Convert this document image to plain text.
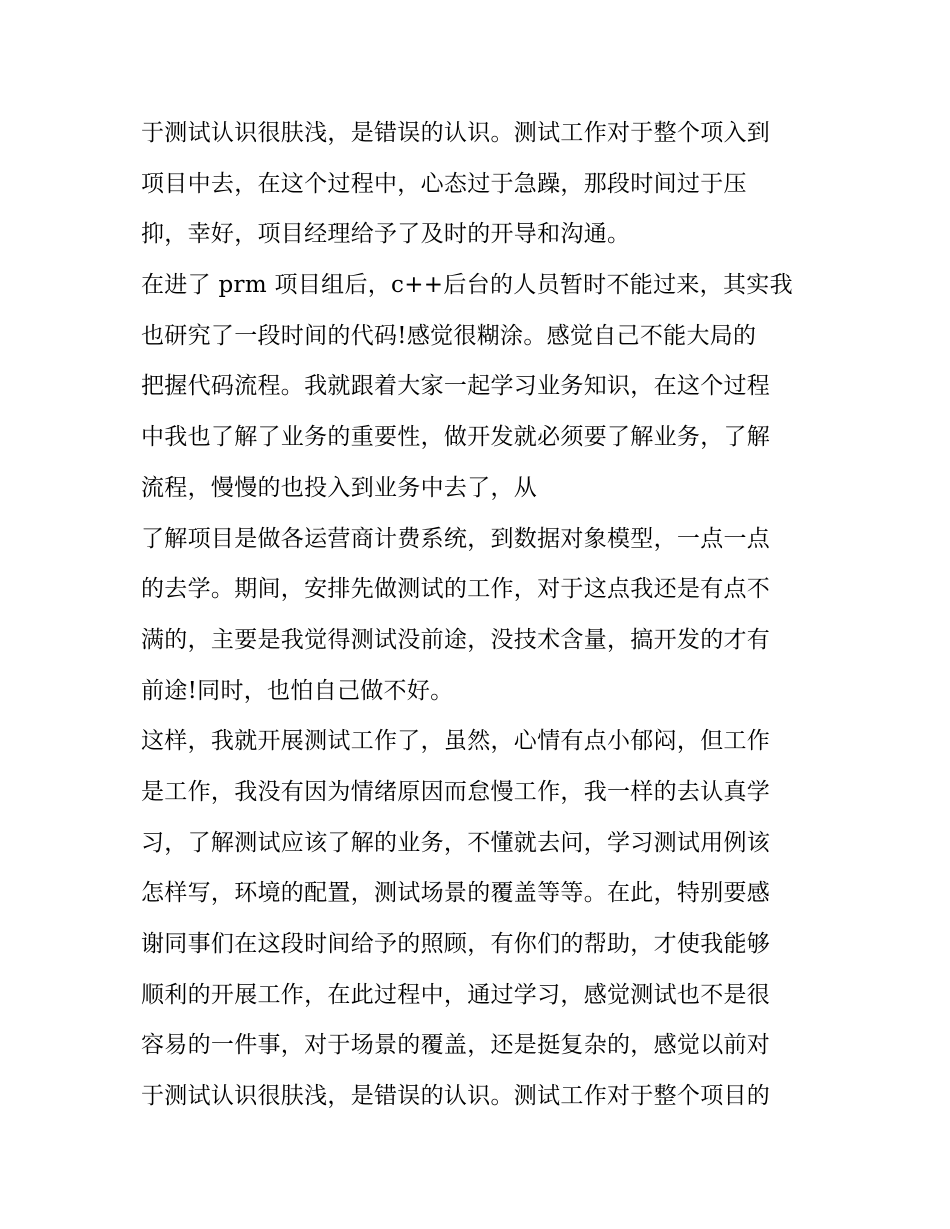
于测试认识很肤浅，是错误的认识。测试工作对于整个项入到
项目中去，在这个过程中，心态过于急躁，那段时间过于压
抑，幸好，项目经理给予了及时的开导和沟通。
在进了 prm 项目组后，c++后台的人员暂时不能过来，其实我
也研究了一段时间的代码!感觉很糊涂。感觉自己不能大局的
把握代码流程。我就跟着大家一起学习业务知识，在这个过程
中我也了解了业务的重要性，做开发就必须要了解业务，了解
流程，慢慢的也投入到业务中去了，从
了解项目是做各运营商计费系统，到数据对象模型，一点一点
的去学。期间，安排先做测试的工作，对于这点我还是有点不
满的，主要是我觉得测试没前途，没技术含量，搞开发的才有
前途!同时，也怕自己做不好。
这样，我就开展测试工作了，虽然，心情有点小郁闷，但工作
是工作，我没有因为情绪原因而怠慢工作，我一样的去认真学
习，了解测试应该了解的业务，不懂就去问，学习测试用例该
怎样写，环境的配置，测试场景的覆盖等等。在此，特别要感
谢同事们在这段时间给予的照顾，有你们的帮助，才使我能够
顺利的开展工作，在此过程中，通过学习，感觉测试也不是很
容易的一件事，对于场景的覆盖，还是挺复杂的，感觉以前对
于测试认识很肤浅，是错误的认识。测试工作对于整个项目的
